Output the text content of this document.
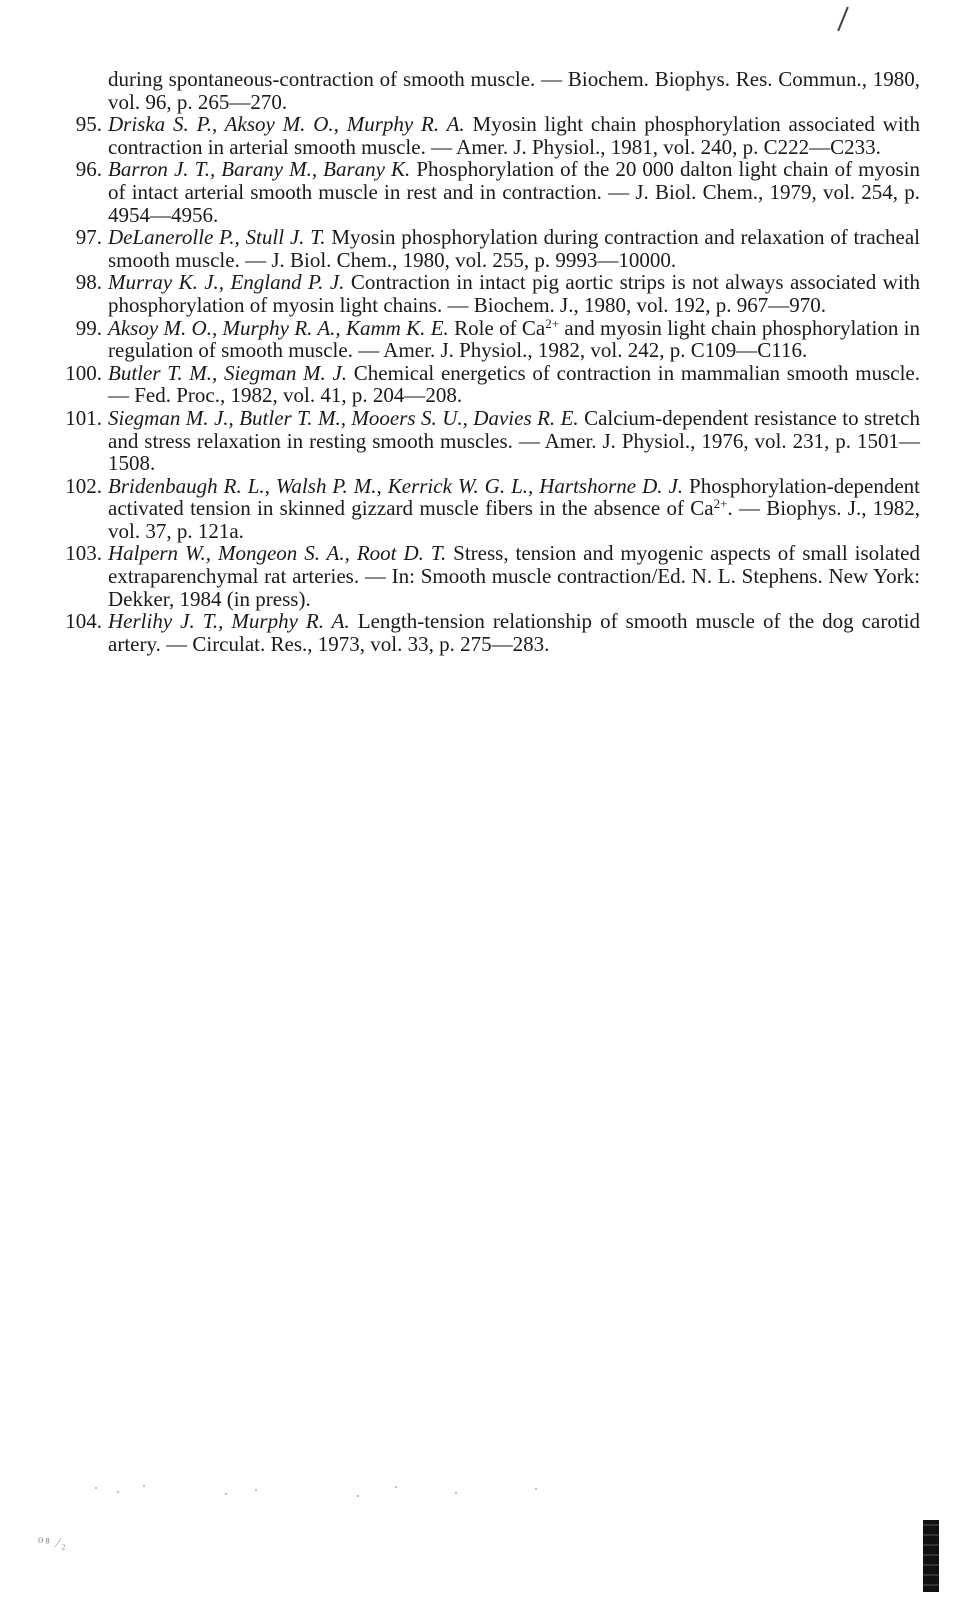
during spontaneous-contraction of smooth muscle. — Biochem. Biophys. Res. Commun., 1980, vol. 96, p. 265—270.

95. Driska S. P., Aksoy M. O., Murphy R. A. Myosin light chain phosphorylation associated with contraction in arterial smooth muscle. — Amer. J. Physiol., 1981, vol. 240, p. C222—C233.

96. Barron J. T., Barany M., Barany K. Phosphorylation of the 20 000 dalton light chain of myosin of intact arterial smooth muscle in rest and in contraction. — J. Biol. Chem., 1979, vol. 254, p. 4954—4956.

97. DeLanerolle P., Stull J. T. Myosin phosphorylation during contraction and relaxation of tracheal smooth muscle. — J. Biol. Chem., 1980, vol. 255, p. 9993—10000.

98. Murray K. J., England P. J. Contraction in intact pig aortic strips is not always associated with phosphorylation of myosin light chains. — Biochem. J., 1980, vol. 192, p. 967—970.

99. Aksoy M. O., Murphy R. A., Kamm K. E. Role of $Ca^{2+}$ and myosin light chain phosphorylation in regulation of smooth muscle. — Amer. J. Physiol., 1982, vol. 242, p. C109—C116.

100. Butler T. M., Siegman M. J. Chemical energetics of contraction in mammalian smooth muscle. — Fed. Proc., 1982, vol. 41, p. 204—208.

101. Siegman M. J., Butler T. M., Mooers S. U., Davies R. E. Calcium-dependent resistance to stretch and stress relaxation in resting smooth muscles. — Amer. J. Physiol., 1976, vol. 231, p. 1501—1508.

102. Bridenbaugh R. L., Walsh P. M., Kerrick W. G. L., Hartshorne D. J. Phosphorylation-dependent activated tension in skinned gizzard muscle fibers in the absence of $Ca^{2+}$. — Biophys. J., 1982, vol. 37, p. 121a.

103. Halpern W., Mongeon S. A., Root D. T. Stress, tension and myogenic aspects of small isolated extraparenchymal rat arteries. — In: Smooth muscle contraction/Ed. N. L. Stephens. New York: Dekker, 1984 (in press).

104. Herlihy J. T., Murphy R. A. Length-tension relationship of smooth muscle of the dog carotid artery. — Circulat. Res., 1973, vol. 33, p. 275—283.

⁰⁸ ⁄₂
